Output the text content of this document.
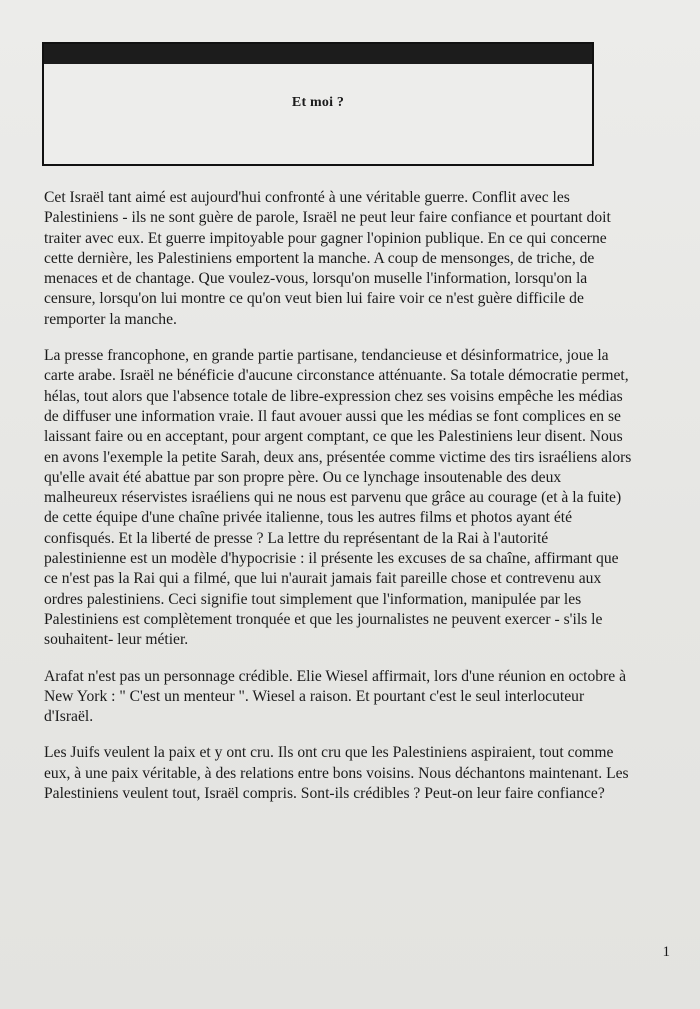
Et moi ?

Cet Israël tant aimé est aujourd'hui confronté à une véritable guerre. Conflit avec les Palestiniens - ils ne sont guère de parole, Israël ne peut leur faire confiance et pourtant doit traiter avec eux. Et guerre impitoyable pour gagner l'opinion publique. En ce qui concerne cette dernière, les Palestiniens emportent la manche. A coup de mensonges, de triche, de menaces et de chantage. Que voulez-vous, lorsqu'on muselle l'information, lorsqu'on la censure, lorsqu'on lui montre ce qu'on veut bien lui faire voir ce n'est guère difficile de remporter la manche.

La presse francophone, en grande partie partisane, tendancieuse et désinformatrice, joue la carte arabe. Israël ne bénéficie d'aucune circonstance atténuante. Sa totale démocratie permet, hélas, tout alors que l'absence totale de libre-expression chez ses voisins empêche les médias de diffuser une information vraie. Il faut avouer aussi que les médias se font complices en se laissant faire ou en acceptant, pour argent comptant, ce que les Palestiniens leur disent. Nous en avons l'exemple la petite Sarah, deux ans, présentée comme victime des tirs israéliens alors qu'elle avait été abattue par son propre père. Ou ce lynchage insoutenable des deux malheureux réservistes israéliens qui ne nous est parvenu que grâce au courage (et à la fuite) de cette équipe d'une chaîne privée italienne, tous les autres films et photos ayant été confisqués. Et la liberté de presse ? La lettre du représentant de la Rai à l'autorité palestinienne est un modèle d'hypocrisie : il présente les excuses de sa chaîne, affirmant que ce n'est pas la Rai qui a filmé, que lui n'aurait jamais fait pareille chose et contrevenu aux ordres palestiniens. Ceci signifie tout simplement que l'information, manipulée par les Palestiniens est complètement tronquée et que les journalistes ne peuvent exercer - s'ils le souhaitent- leur métier.

Arafat n'est pas un personnage crédible. Elie Wiesel affirmait, lors d'une réunion en octobre à New York : " C'est un menteur ". Wiesel a raison. Et pourtant c'est le seul interlocuteur d'Israël.

Les Juifs veulent la paix et y ont cru. Ils ont cru que les Palestiniens aspiraient, tout comme eux, à une paix véritable, à des relations entre bons voisins. Nous déchantons maintenant. Les Palestiniens veulent tout, Israël compris. Sont-ils crédibles ? Peut-on leur faire confiance?

1
